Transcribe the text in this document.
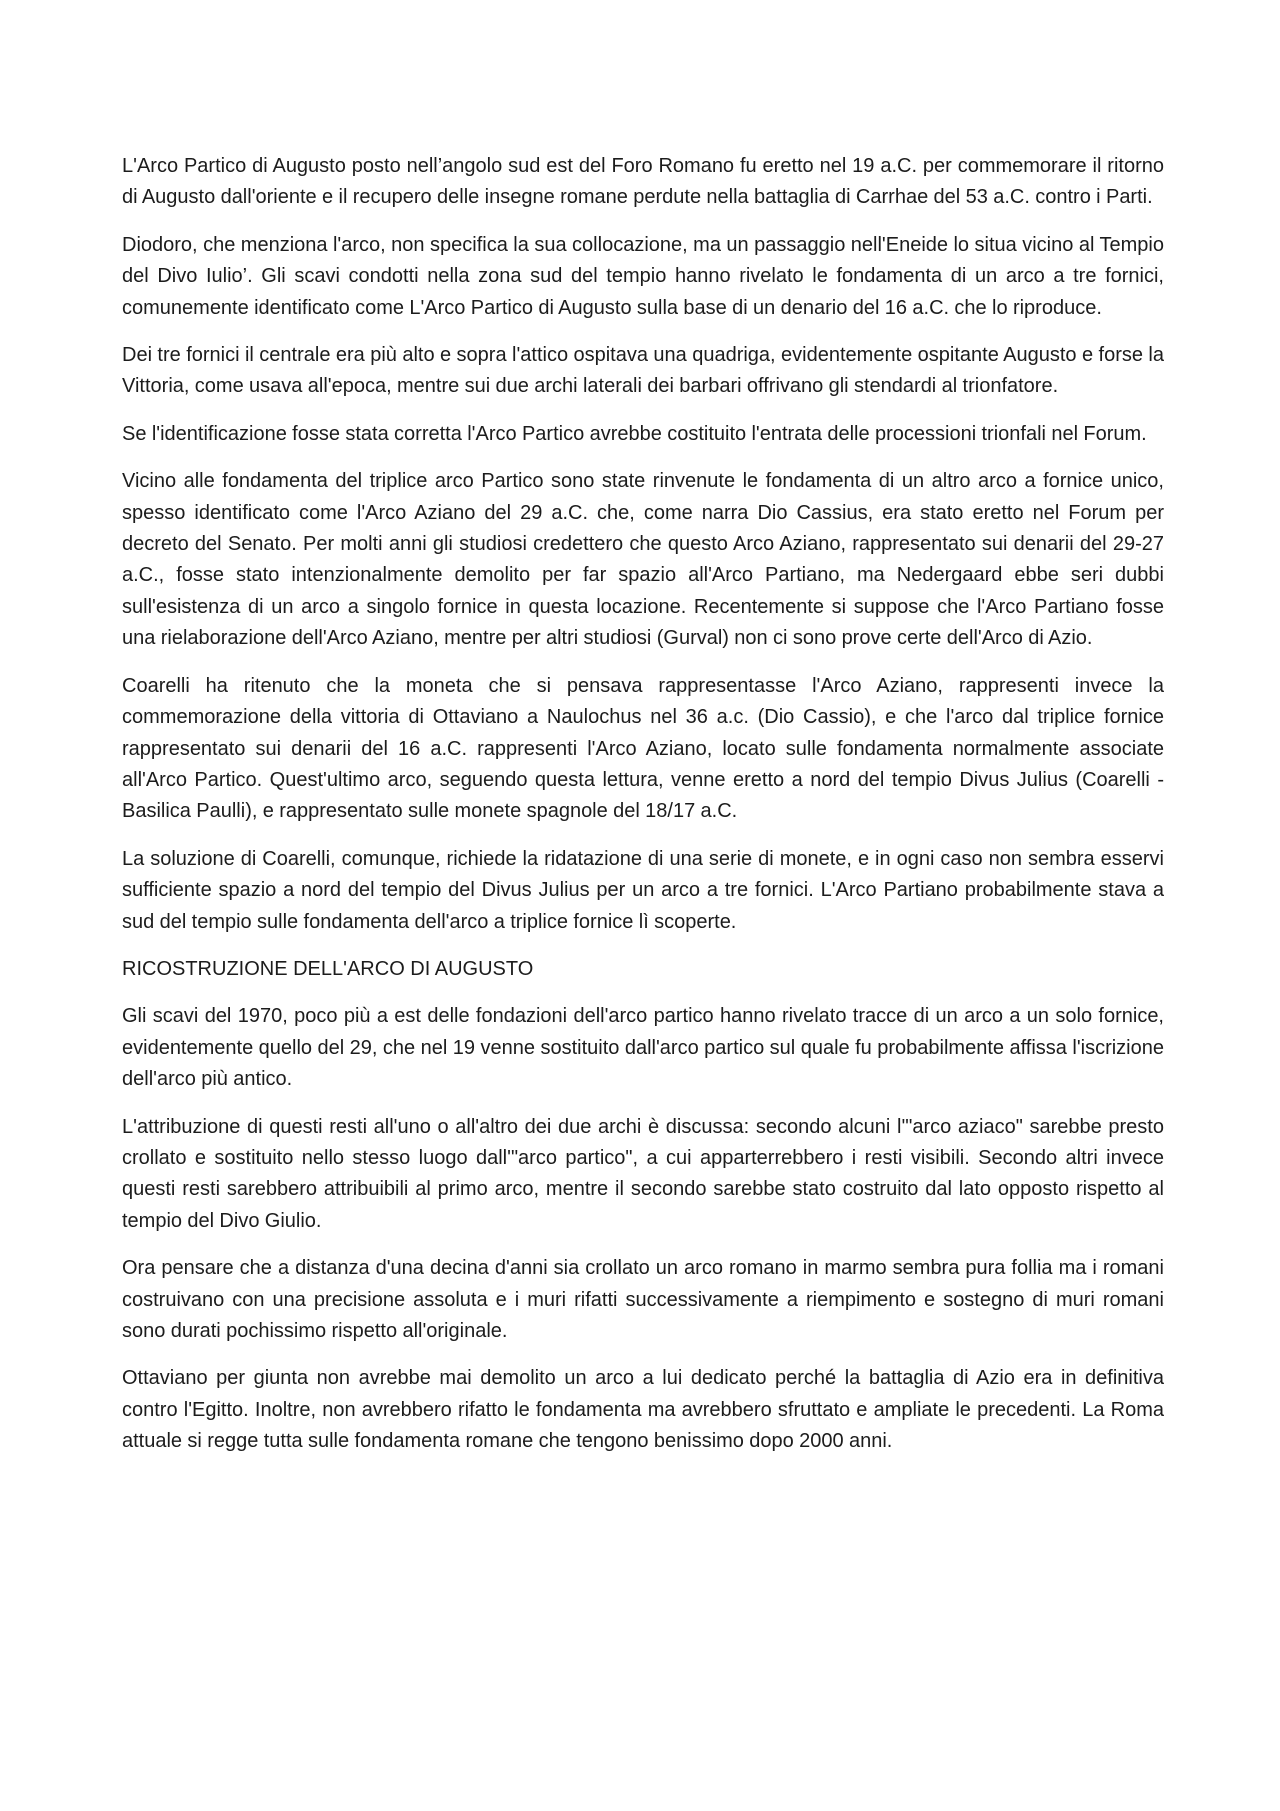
L'Arco Partico di Augusto posto nell’angolo sud est del Foro Romano fu eretto nel 19 a.C. per commemorare il ritorno di Augusto dall'oriente e il recupero delle insegne romane perdute nella battaglia di Carrhae del 53 a.C. contro i Parti.

Diodoro, che menziona l'arco, non specifica la sua collocazione, ma un passaggio nell'Eneide lo situa vicino al Tempio del Divo Iulio’. Gli scavi condotti nella zona sud del tempio hanno rivelato le fondamenta di un arco a tre fornici, comunemente identificato come L'Arco Partico di Augusto sulla base di un denario del 16 a.C. che lo riproduce.

Dei tre fornici il centrale era più alto e sopra l'attico ospitava una quadriga, evidentemente ospitante Augusto e forse la Vittoria, come usava all'epoca, mentre sui due archi laterali dei barbari offrivano gli stendardi al trionfatore.

Se l'identificazione fosse stata corretta l'Arco Partico avrebbe costituito l'entrata delle processioni trionfali nel Forum.

Vicino alle fondamenta del triplice arco Partico sono state rinvenute le fondamenta di un altro arco a fornice unico, spesso identificato come l'Arco Aziano del 29 a.C. che, come narra Dio Cassius, era stato eretto nel Forum per decreto del Senato. Per molti anni gli studiosi credettero che questo Arco Aziano, rappresentato sui denarii del 29-27 a.C., fosse stato intenzionalmente demolito per far spazio all'Arco Partiano, ma Nedergaard ebbe seri dubbi sull'esistenza di un arco a singolo fornice in questa locazione. Recentemente si suppose che l'Arco Partiano fosse una rielaborazione dell'Arco Aziano, mentre per altri studiosi (Gurval) non ci sono prove certe dell'Arco di Azio.

Coarelli ha ritenuto che la moneta che si pensava rappresentasse l'Arco Aziano, rappresenti invece la commemorazione della vittoria di Ottaviano a Naulochus nel 36 a.c. (Dio Cassio), e che l'arco dal triplice fornice rappresentato sui denarii del 16 a.C. rappresenti l'Arco Aziano, locato sulle fondamenta normalmente associate all'Arco Partico. Quest'ultimo arco, seguendo questa lettura, venne eretto a nord del tempio Divus Julius (Coarelli -Basilica Paulli), e rappresentato sulle monete spagnole del 18/17 a.C.

La soluzione di Coarelli, comunque, richiede la ridatazione di una serie di monete, e in ogni caso non sembra esservi sufficiente spazio a nord del tempio del Divus Julius per un arco a tre fornici. L'Arco Partiano probabilmente stava a sud del tempio sulle fondamenta dell'arco a triplice fornice lì scoperte.

RICOSTRUZIONE DELL'ARCO DI AUGUSTO

Gli scavi del 1970, poco più a est delle fondazioni dell'arco partico hanno rivelato tracce di un arco a un solo fornice, evidentemente quello del 29, che nel 19 venne sostituito dall'arco partico sul quale fu probabilmente affissa l'iscrizione dell'arco più antico.

L'attribuzione di questi resti all'uno o all'altro dei due archi è discussa: secondo alcuni l'"arco aziaco" sarebbe presto crollato e sostituito nello stesso luogo dall'"arco partico", a cui apparterrebbero i resti visibili. Secondo altri invece questi resti sarebbero attribuibili al primo arco, mentre il secondo sarebbe stato costruito dal lato opposto rispetto al tempio del Divo Giulio.

Ora pensare che a distanza d'una decina d'anni sia crollato un arco romano in marmo sembra pura follia ma i romani costruivano con una precisione assoluta e i muri rifatti successivamente a riempimento e sostegno di muri romani sono durati pochissimo rispetto all'originale.

Ottaviano per giunta non avrebbe mai demolito un arco a lui dedicato perché la battaglia di Azio era in definitiva contro l'Egitto. Inoltre, non avrebbero rifatto le fondamenta ma avrebbero sfruttato e ampliate le precedenti. La Roma attuale si regge tutta sulle fondamenta romane che tengono benissimo dopo 2000 anni.
